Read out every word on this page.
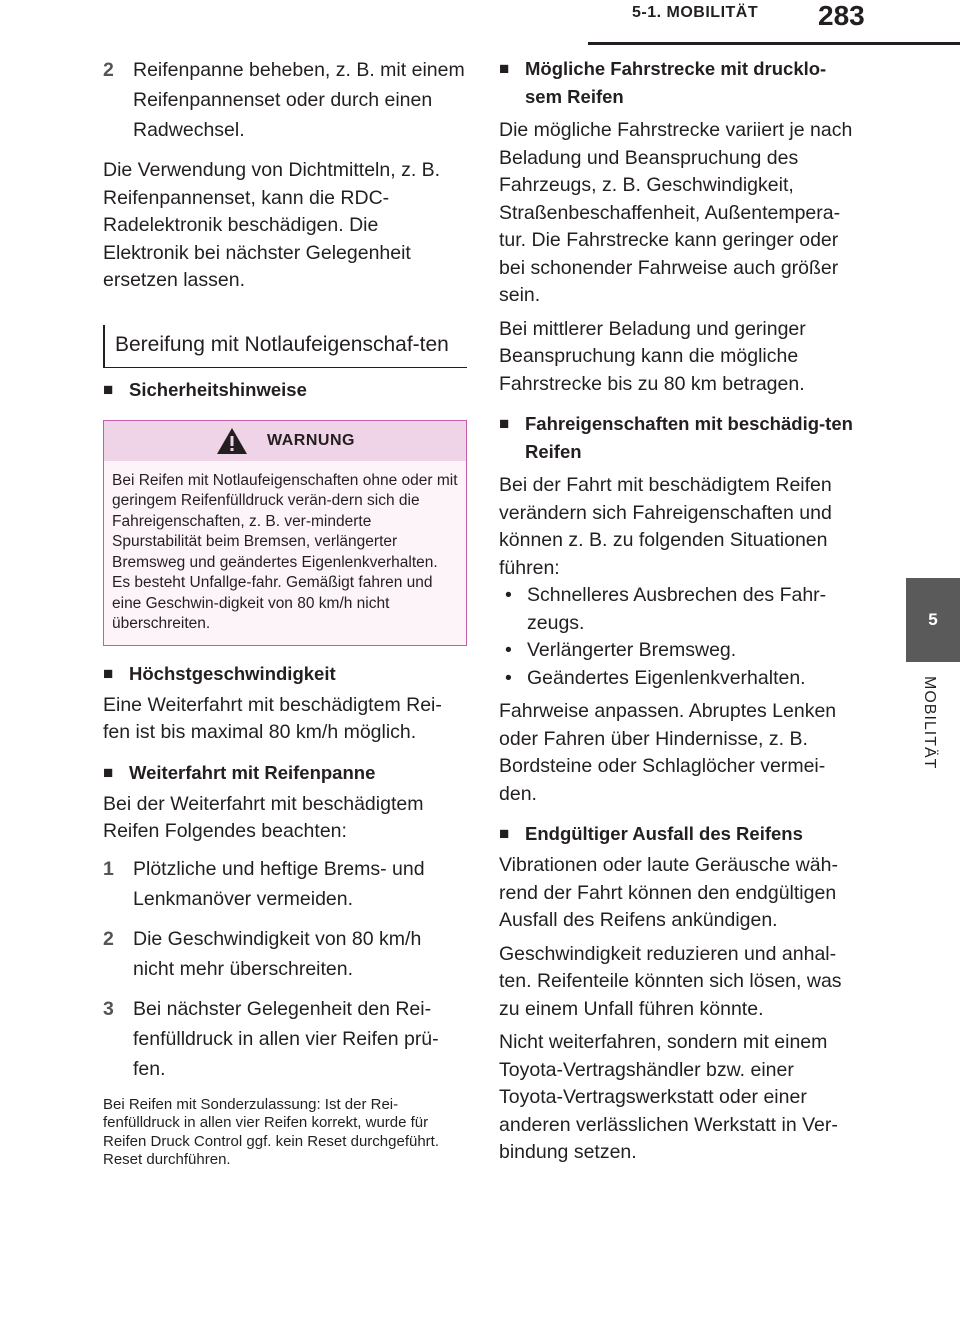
5-1. MOBILITÄT 283
5
MOBILITÄT
2 Reifenpanne beheben, z. B. mit einem Reifenpannenset oder durch einen Radwechsel.

Die Verwendung von Dichtmitteln, z. B. Reifenpannenset, kann die RDC-Radelektronik beschädigen. Die Elektronik bei nächster Gelegenheit ersetzen lassen.

Bereifung mit Notlaufeigenschaf-ten
■ Sicherheitshinweise
WARNUNG
Bei Reifen mit Notlaufeigenschaften ohne oder mit geringem Reifenfülldruck verän-dern sich die Fahreigenschaften, z. B. ver-minderte Spurstabilität beim Bremsen, verlängerter Bremsweg und geändertes Eigenlenkverhalten. Es besteht Unfallge-fahr. Gemäßigt fahren und eine Geschwin-digkeit von 80 km/h nicht überschreiten.
■ Höchstgeschwindigkeit

Eine Weiterfahrt mit beschädigtem Rei-fen ist bis maximal 80 km/h möglich.

■ Weiterfahrt mit Reifenpanne

Bei der Weiterfahrt mit beschädigtem Reifen Folgendes beachten:

1 Plötzliche und heftige Brems- und Lenkmanöver vermeiden.
2 Die Geschwindigkeit von 80 km/h nicht mehr überschreiten.
3 Bei nächster Gelegenheit den Rei-fenfülldruck in allen vier Reifen prü-fen.

Bei Reifen mit Sonderzulassung: Ist der Rei-fenfülldruck in allen vier Reifen korrekt, wurde für Reifen Druck Control ggf. kein Reset durchgeführt. Reset durchführen.

■ Mögliche Fahrstrecke mit drucklo-sem Reifen

Die mögliche Fahrstrecke variiert je nach Beladung und Beanspruchung des Fahrzeugs, z. B. Geschwindigkeit, Straßenbeschaffenheit, Außentempera-tur. Die Fahrstrecke kann geringer oder bei schonender Fahrweise auch größer sein.

Bei mittlerer Beladung und geringer Beanspruchung kann die mögliche Fahrstrecke bis zu 80 km betragen.

■ Fahreigenschaften mit beschädig-ten Reifen

Bei der Fahrt mit beschädigtem Reifen verändern sich Fahreigenschaften und können z. B. zu folgenden Situationen führen:

• Schnelleres Ausbrechen des Fahr-zeugs.
• Verlängerter Bremsweg.
• Geändertes Eigenlenkverhalten.

Fahrweise anpassen. Abruptes Lenken oder Fahren über Hindernisse, z. B. Bordsteine oder Schlaglöcher vermei-den.

■ Endgültiger Ausfall des Reifens

Vibrationen oder laute Geräusche wäh-rend der Fahrt können den endgültigen Ausfall des Reifens ankündigen.

Geschwindigkeit reduzieren und anhal-ten. Reifenteile könnten sich lösen, was zu einem Unfall führen könnte.

Nicht weiterfahren, sondern mit einem Toyota-Vertragshändler bzw. einer Toyota-Vertragswerkstatt oder einer anderen verlässlichen Werkstatt in Ver-bindung setzen.
